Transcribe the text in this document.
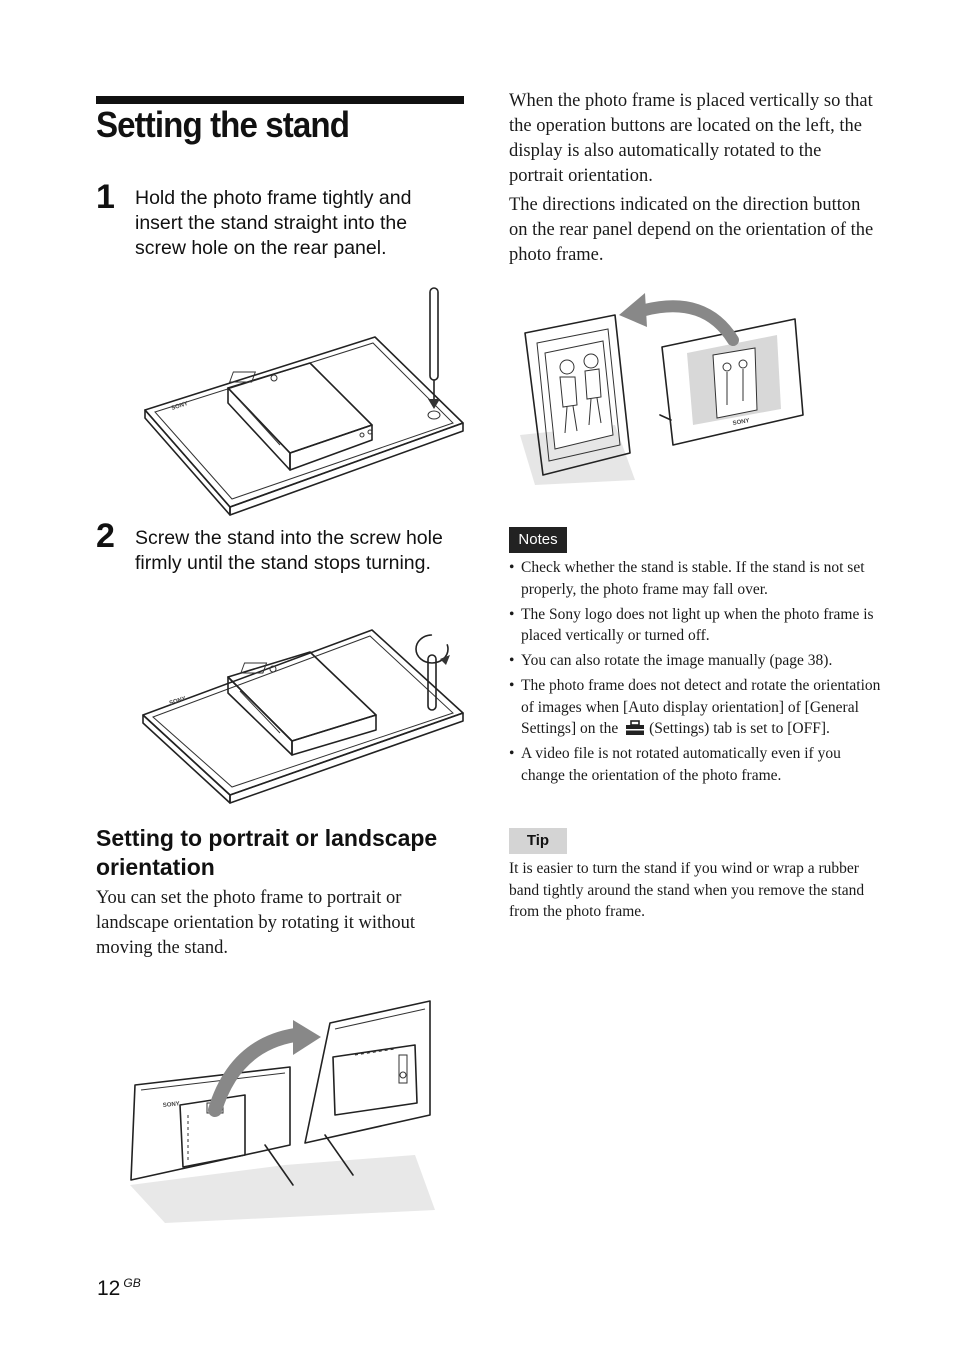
Setting the stand
1 Hold the photo frame tightly and insert the stand straight into the screw hole on the rear panel.
SONY
2 Screw the stand into the screw hole firmly until the stand stops turning.
SONY
Setting to portrait or landscape orientation

You can set the photo frame to portrait or landscape orientation by rotating it without moving the stand.

SONY

When the photo frame is placed vertically so that the operation buttons are located on the left, the display is also automatically rotated to the portrait orientation.

The directions indicated on the direction button on the rear panel depend on the orientation of the photo frame.

SONY
Notes
• Check whether the stand is stable. If the stand is not set properly, the photo frame may fall over.
• The Sony logo does not light up when the photo frame is placed vertically or turned off.
• You can also rotate the image manually (page 38).
• The photo frame does not detect and rotate the orientation of images when [Auto display orientation] of [General Settings] on the (Settings) tab is set to [OFF].
• A video file is not rotated automatically even if you change the orientation of the photo frame.
Tip

It is easier to turn the stand if you wind or wrap a rubber band tightly around the stand when you remove the stand from the photo frame.

12 $^{GB}$
